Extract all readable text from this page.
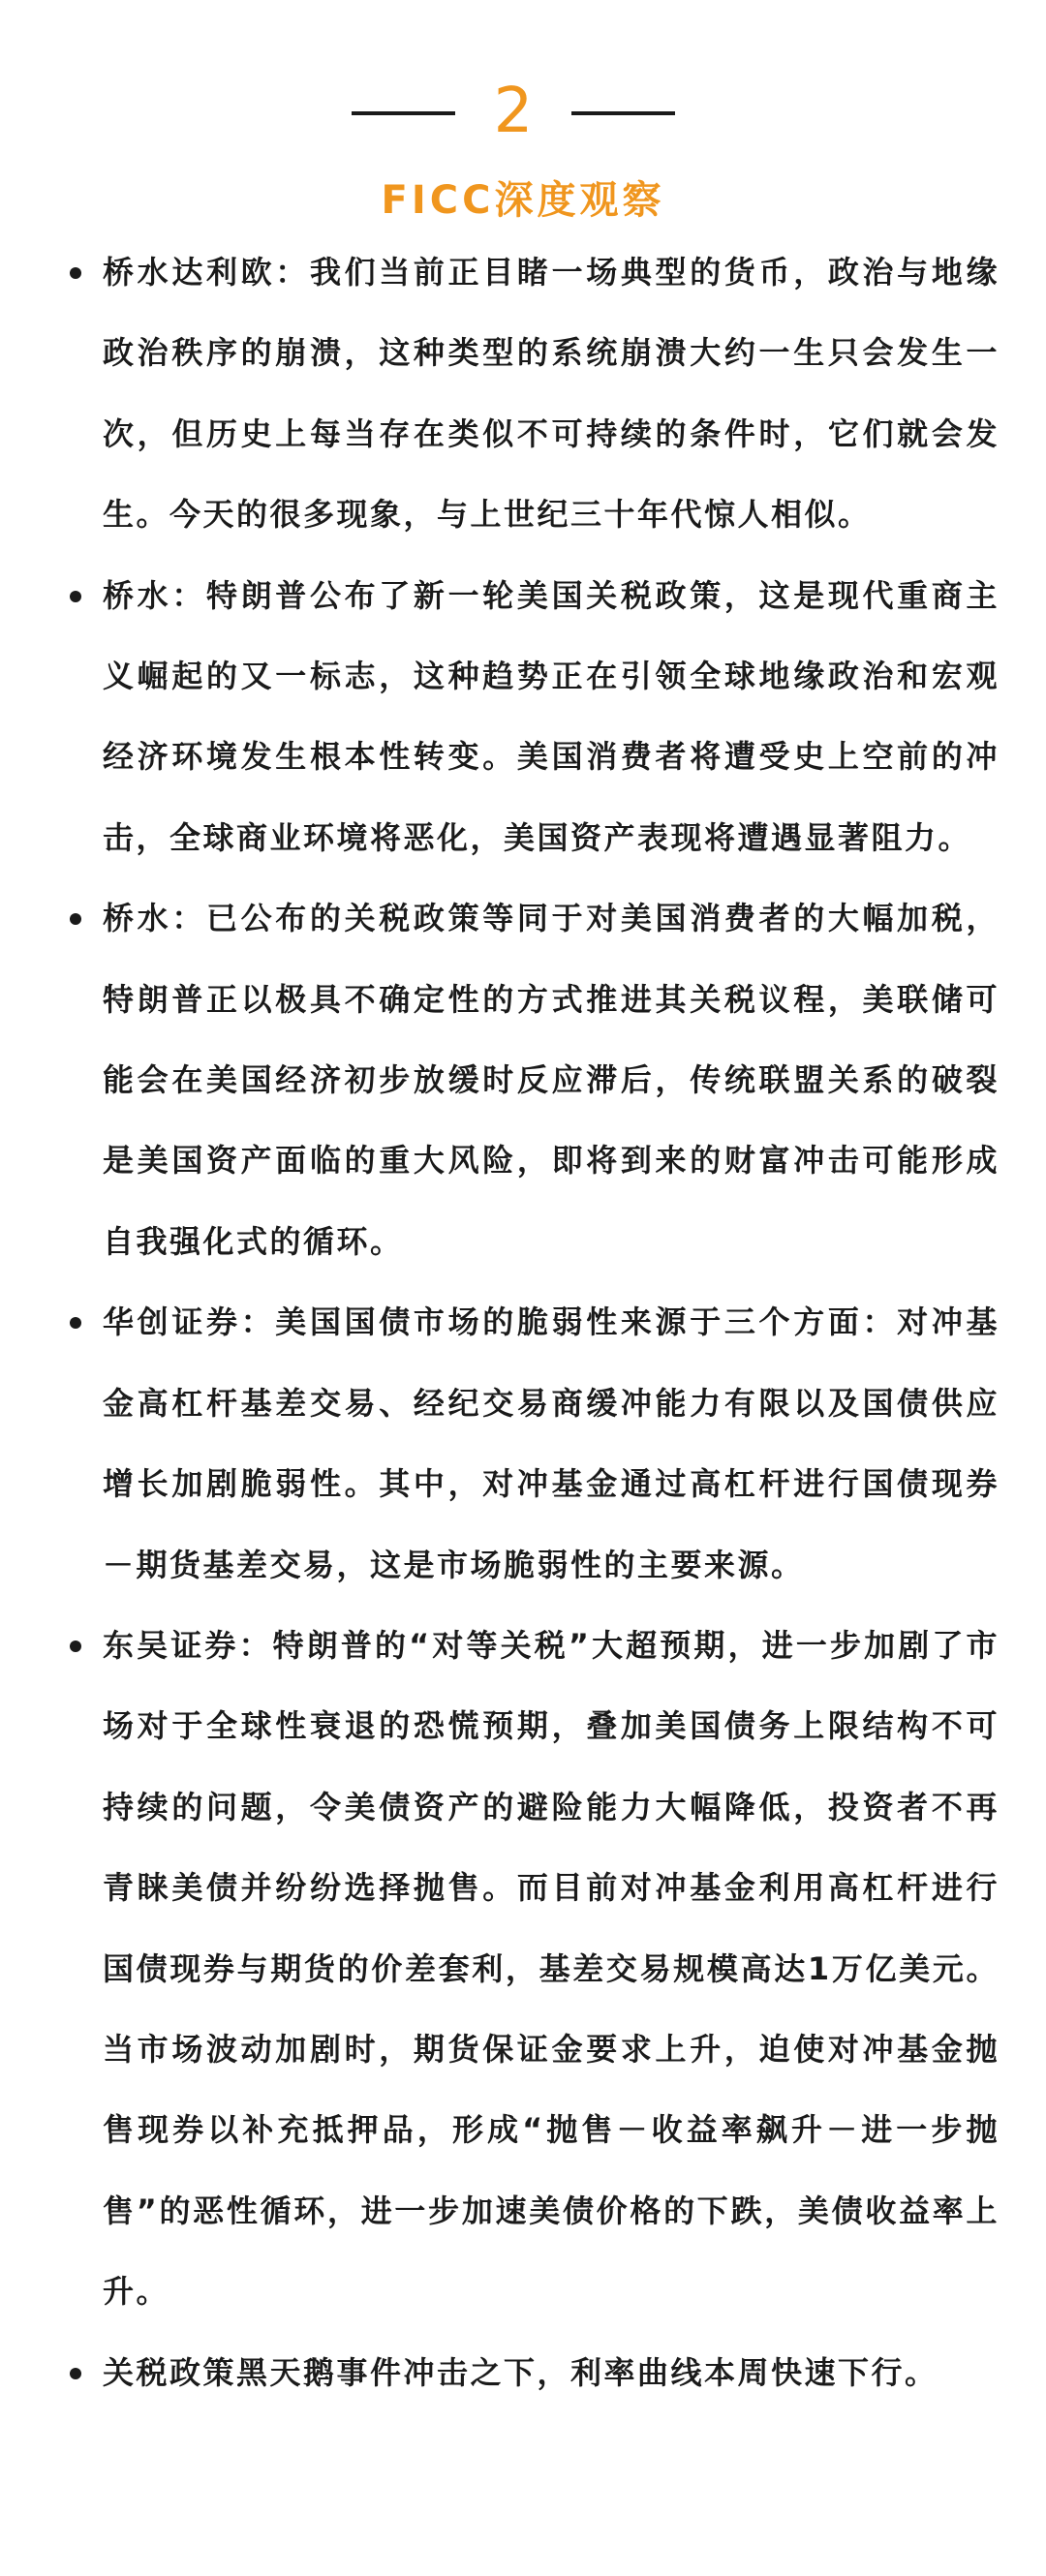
2
FICC深度观察
桥水达利欧：我们当前正目睹一场典型的货币，政治与地缘政治秩序的崩溃，这种类型的系统崩溃大约一生只会发生一次，但历史上每当存在类似不可持续的条件时，它们就会发生。今天的很多现象，与上世纪三十年代惊人相似。
桥水：特朗普公布了新一轮美国关税政策，这是现代重商主义崛起的又一标志，这种趋势正在引领全球地缘政治和宏观经济环境发生根本性转变。美国消费者将遭受史上空前的冲击，全球商业环境将恶化，美国资产表现将遭遇显著阻力。
桥水：已公布的关税政策等同于对美国消费者的大幅加税，特朗普正以极具不确定性的方式推进其关税议程，美联储可能会在美国经济初步放缓时反应滞后，传统联盟关系的破裂是美国资产面临的重大风险，即将到来的财富冲击可能形成自我强化式的循环。
华创证券：美国国债市场的脆弱性来源于三个方面：对冲基金高杠杆基差交易、经纪交易商缓冲能力有限以及国债供应增长加剧脆弱性。其中，对冲基金通过高杠杆进行国债现券－期货基差交易，这是市场脆弱性的主要来源。
东吴证券：特朗普的“对等关税”大超预期，进一步加剧了市场对于全球性衰退的恐慌预期，叠加美国债务上限结构不可持续的问题，令美债资产的避险能力大幅降低，投资者不再青睐美债并纷纷选择抛售。而目前对冲基金利用高杠杆进行国债现券与期货的价差套利，基差交易规模高达1万亿美元。当市场波动加剧时，期货保证金要求上升，迫使对冲基金抛售现券以补充抵押品，形成“抛售－收益率飙升－进一步抛售”的恶性循环，进一步加速美债价格的下跌，美债收益率上升。
关税政策黑天鹅事件冲击之下，利率曲线本周快速下行。
